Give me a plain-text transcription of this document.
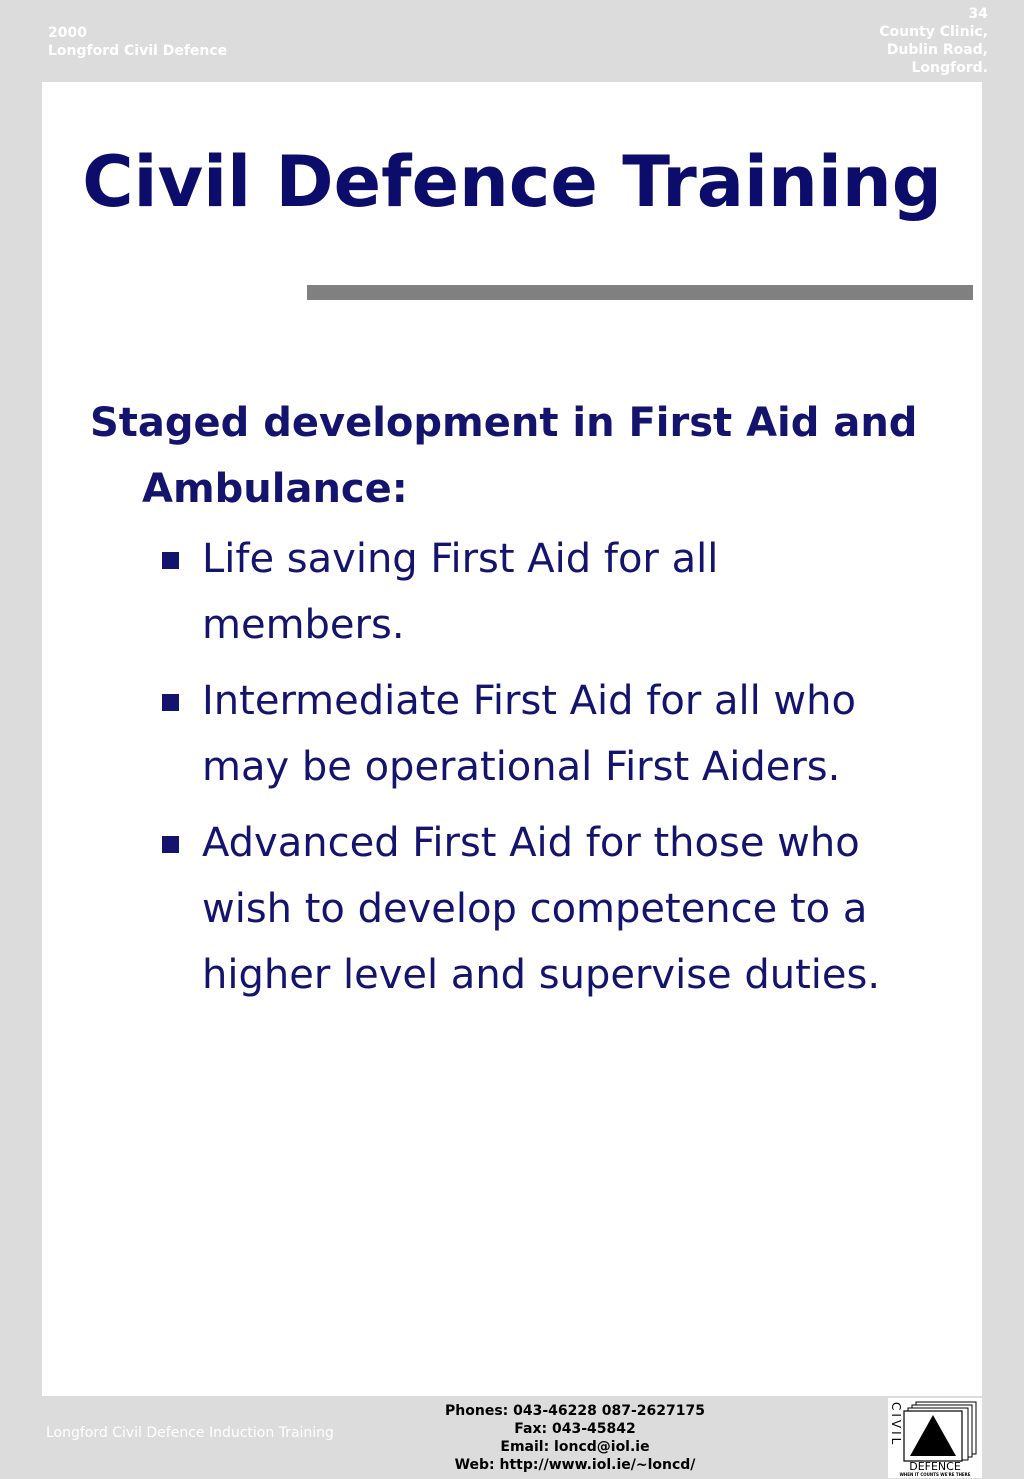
2000
Longford Civil Defence
34
County Clinic,
Dublin Road,
Longford.
Civil Defence Training
Staged development in First Aid and Ambulance:
Life saving First Aid for all members.
Intermediate First Aid for all who may be operational First Aiders.
Advanced First Aid for those who wish to develop competence to a higher level and supervise duties.
Longford Civil Defence Induction Training
Phones: 043-46228 087-2627175
Fax: 043-45842
Email: loncd@iol.ie
Web: http://www.iol.ie/~loncd/
CIVIL
DEFENCE
WHEN IT COUNTS WE'RE THERE
